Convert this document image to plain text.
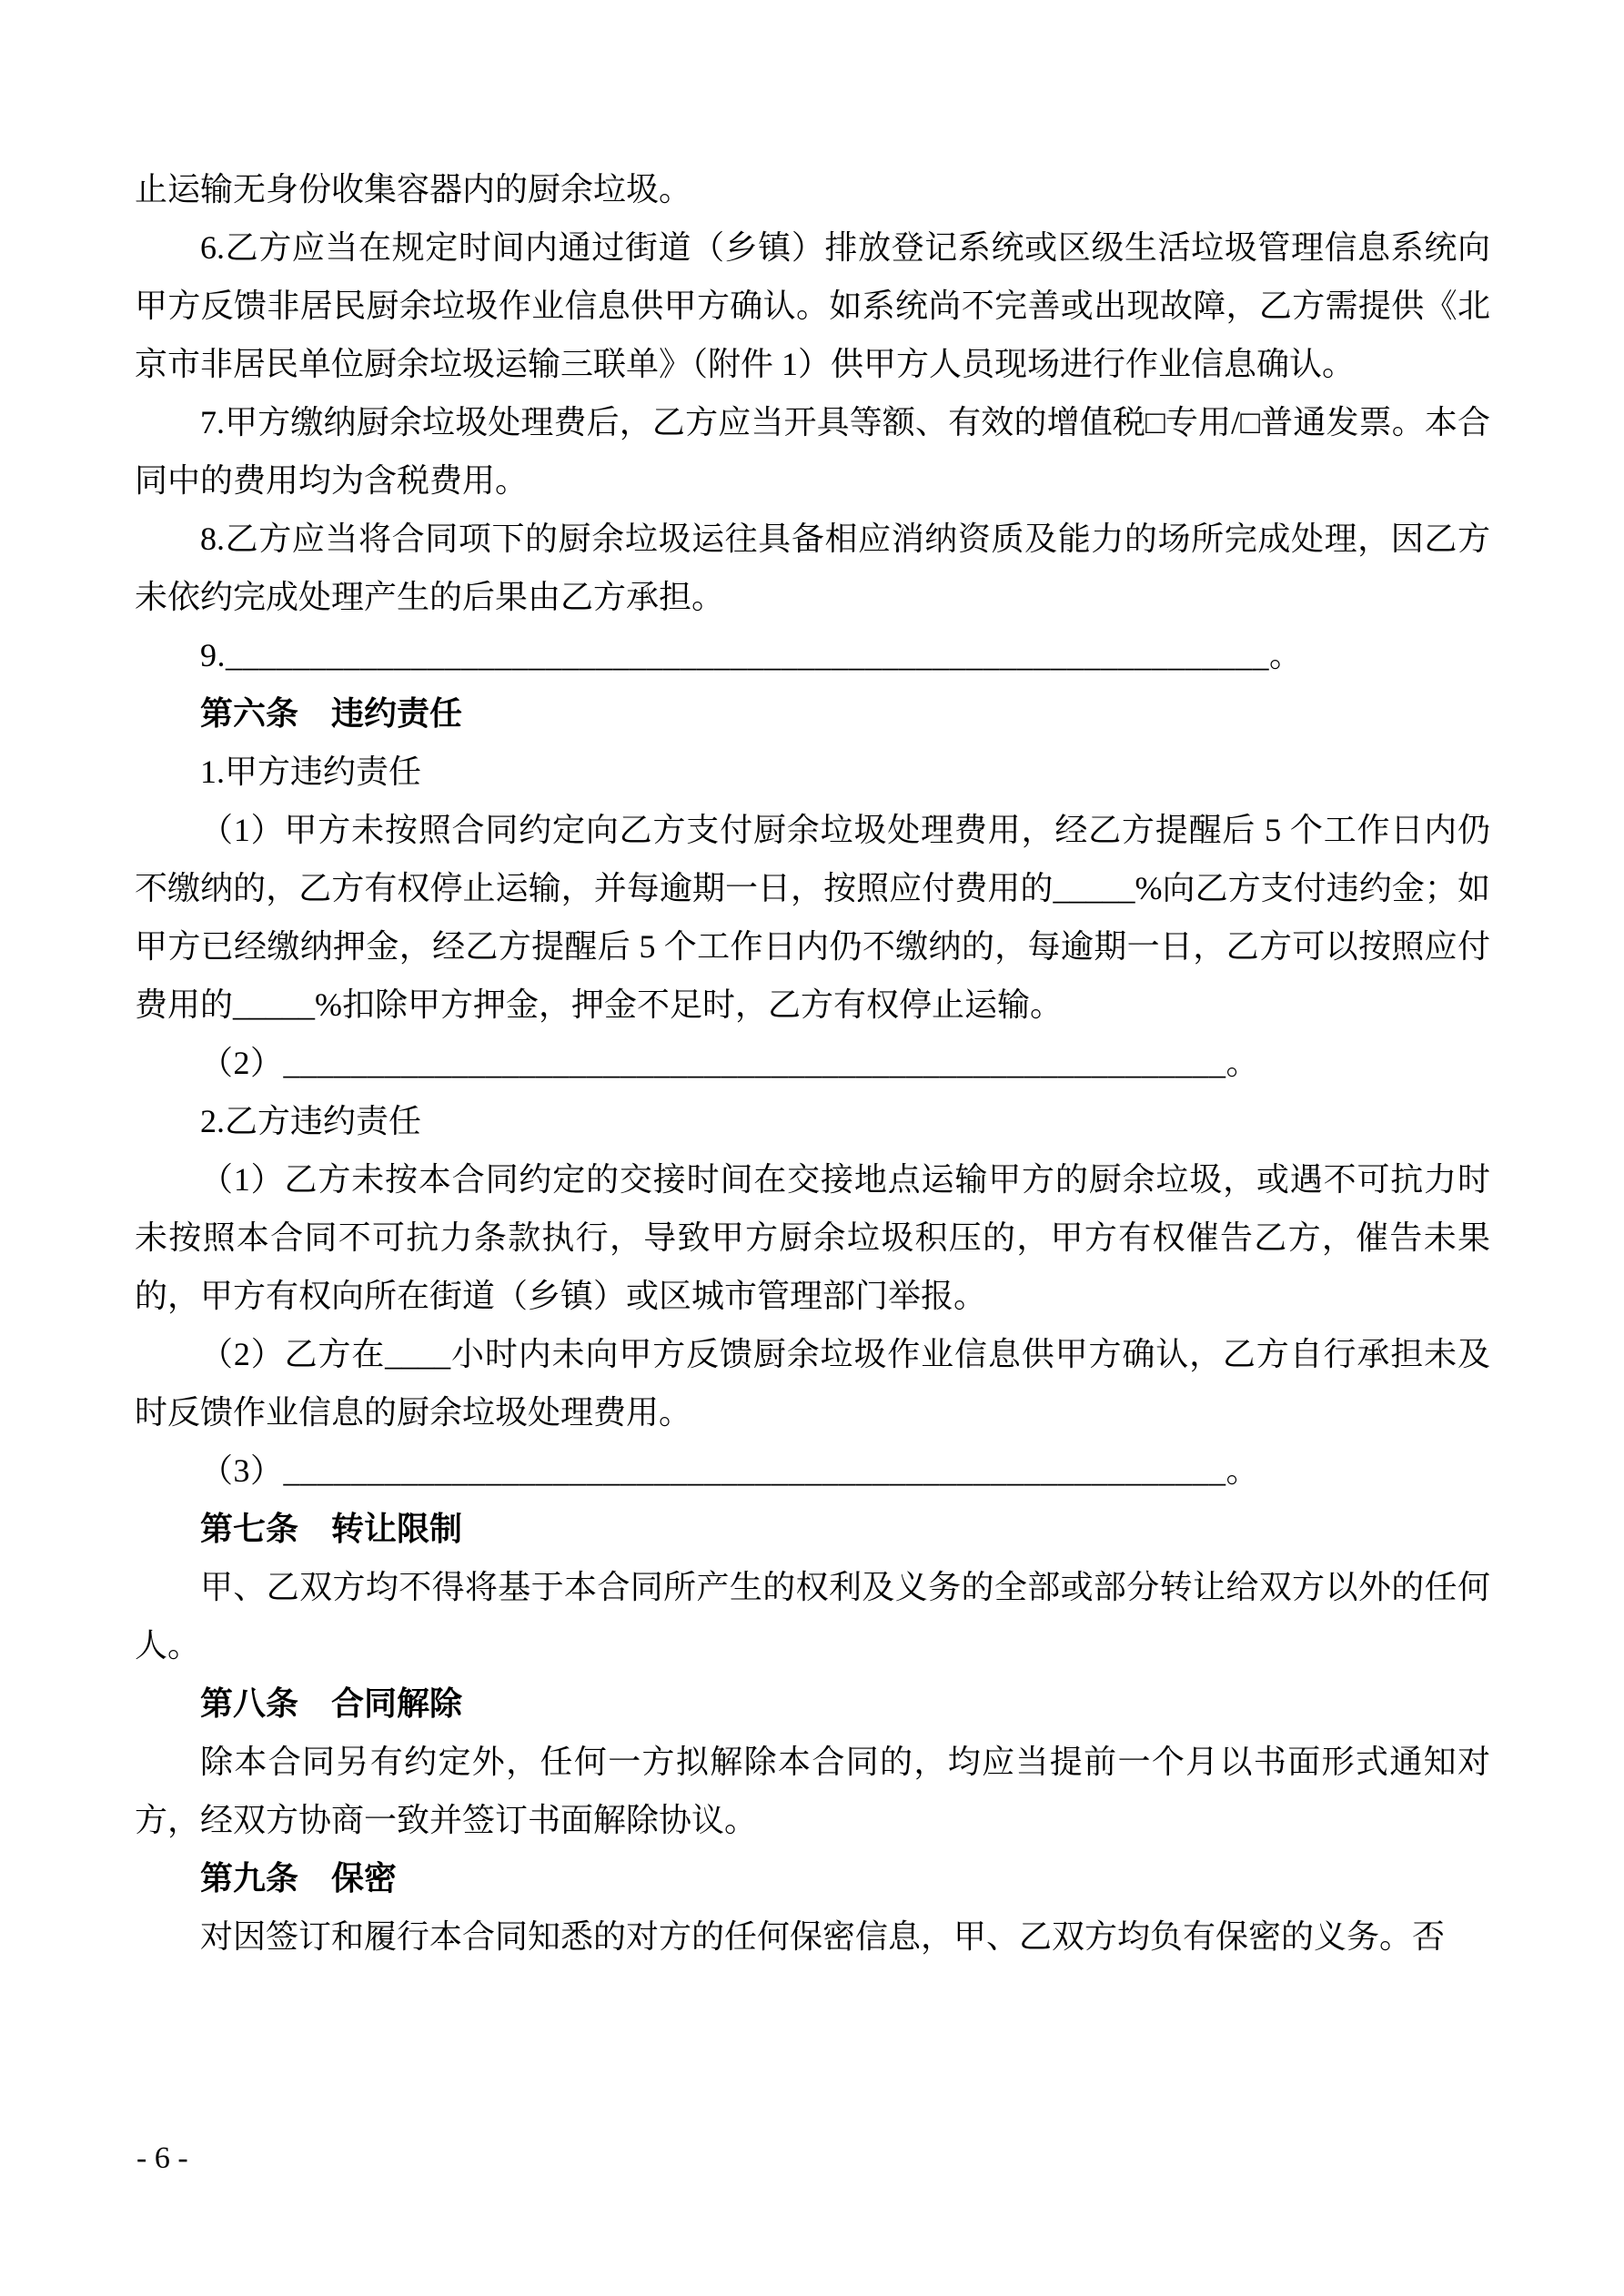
止运输无身份收集容器内的厨余垃圾。

6.乙方应当在规定时间内通过街道（乡镇）排放登记系统或区级生活垃圾管理信息系统向甲方反馈非居民厨余垃圾作业信息供甲方确认。如系统尚不完善或出现故障，乙方需提供《北京市非居民单位厨余垃圾运输三联单》（附件 1）供甲方人员现场进行作业信息确认。

7.甲方缴纳厨余垃圾处理费后，乙方应当开具等额、有效的增值税□专用/□普通发票。本合同中的费用均为含税费用。

8.乙方应当将合同项下的厨余垃圾运往具备相应消纳资质及能力的场所完成处理，因乙方未依约完成处理产生的后果由乙方承担。

9.______________________________________________________________。

第六条　违约责任

1.甲方违约责任

（1）甲方未按照合同约定向乙方支付厨余垃圾处理费用，经乙方提醒后 5 个工作日内仍不缴纳的，乙方有权停止运输，并每逾期一日，按照应付费用的_____%向乙方支付违约金；如甲方已经缴纳押金，经乙方提醒后 5 个工作日内仍不缴纳的，每逾期一日，乙方可以按照应付费用的_____%扣除甲方押金，押金不足时，乙方有权停止运输。

（2）________________________________________________________。

2.乙方违约责任

（1）乙方未按本合同约定的交接时间在交接地点运输甲方的厨余垃圾，或遇不可抗力时未按照本合同不可抗力条款执行，导致甲方厨余垃圾积压的，甲方有权催告乙方，催告未果的，甲方有权向所在街道（乡镇）或区城市管理部门举报。

（2）乙方在____小时内未向甲方反馈厨余垃圾作业信息供甲方确认，乙方自行承担未及时反馈作业信息的厨余垃圾处理费用。

（3）________________________________________________________。

第七条　转让限制

甲、乙双方均不得将基于本合同所产生的权利及义务的全部或部分转让给双方以外的任何人。

第八条　合同解除

除本合同另有约定外，任何一方拟解除本合同的，均应当提前一个月以书面形式通知对方，经双方协商一致并签订书面解除协议。

第九条　保密

对因签订和履行本合同知悉的对方的任何保密信息，甲、乙双方均负有保密的义务。否

- 6 -
